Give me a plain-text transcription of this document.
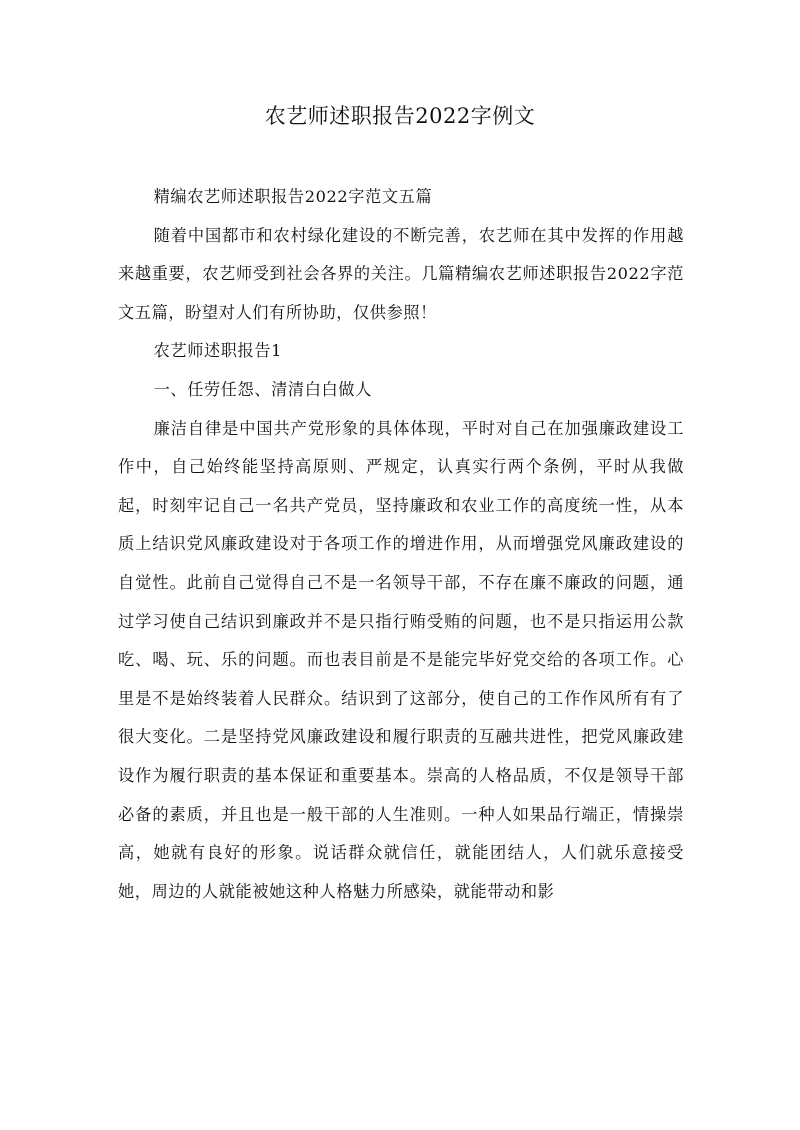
农艺师述职报告2022字例文

精编农艺师述职报告2022字范文五篇

随着中国都市和农村绿化建设的不断完善，农艺师在其中发挥的作用越来越重要，农艺师受到社会各界的关注。几篇精编农艺师述职报告2022字范文五篇，盼望对人们有所协助，仅供参照！

农艺师述职报告1

一、任劳任怨、清清白白做人

廉洁自律是中国共产党形象的具体体现，平时对自己在加强廉政建设工作中，自己始终能坚持高原则、严规定，认真实行两个条例，平时从我做起，时刻牢记自己一名共产党员，坚持廉政和农业工作的高度统一性，从本质上结识党风廉政建设对于各项工作的增进作用，从而增强党风廉政建设的自觉性。此前自己觉得自己不是一名领导干部，不存在廉不廉政的问题，通过学习使自己结识到廉政并不是只指行贿受贿的问题，也不是只指运用公款吃、喝、玩、乐的问题。而也表目前是不是能完毕好党交给的各项工作。心里是不是始终装着人民群众。结识到了这部分，使自己的工作作风所有有了很大变化。二是坚持党风廉政建设和履行职责的互融共进性，把党风廉政建设作为履行职责的基本保证和重要基本。崇高的人格品质，不仅是领导干部必备的素质，并且也是一般干部的人生准则。一种人如果品行端正，情操崇高，她就有良好的形象。说话群众就信任，就能团结人，人们就乐意接受她，周边的人就能被她这种人格魅力所感染，就能带动和影
